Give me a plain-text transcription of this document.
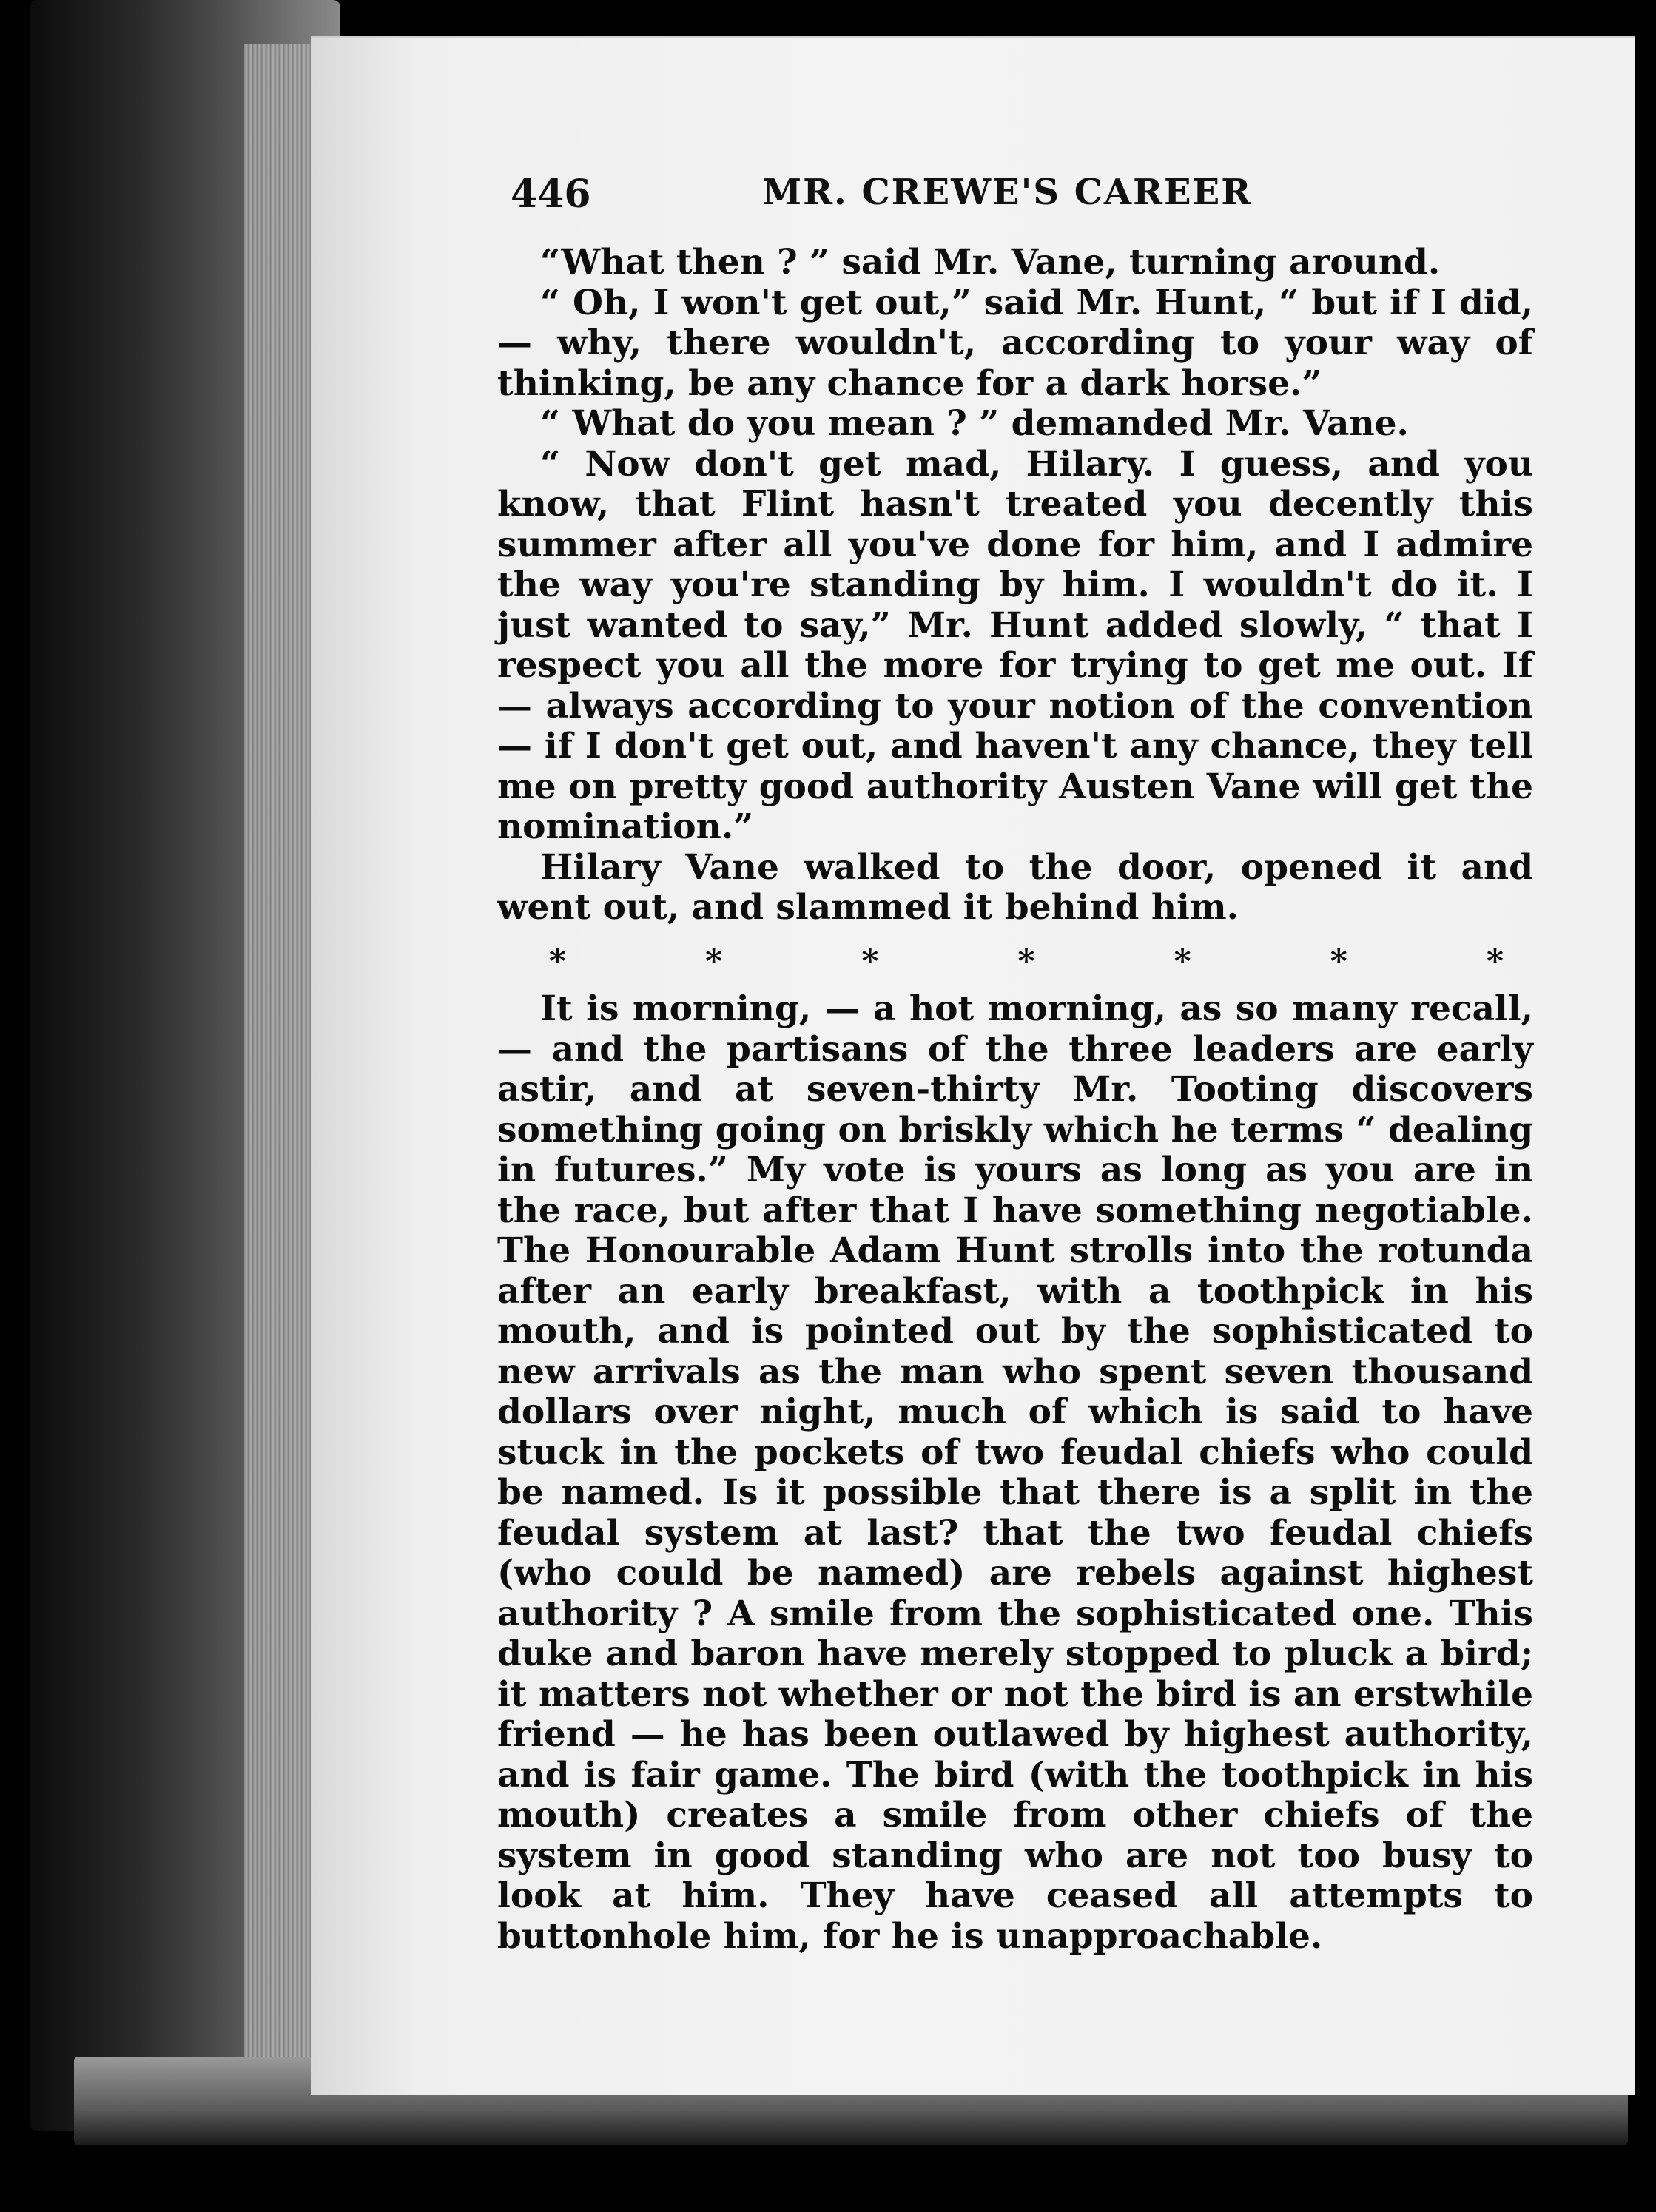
446	MR. CREWE'S CAREER

“What then ? ” said Mr. Vane, turning around.

“ Oh, I won't get out,” said Mr. Hunt, “ but if I did, — why, there wouldn't, according to your way of thinking, be any chance for a dark horse.”

“ What do you mean ? ” demanded Mr. Vane.

“ Now don't get mad, Hilary. I guess, and you know, that Flint hasn't treated you decently this summer after all you've done for him, and I admire the way you're standing by him. I wouldn't do it. I just wanted to say,” Mr. Hunt added slowly, “ that I respect you all the more for trying to get me out. If — always according to your notion of the convention — if I don't get out, and haven't any chance, they tell me on pretty good authority Austen Vane will get the nomination.”

Hilary Vane walked to the door, opened it and went out, and slammed it behind him.

*	*	*	*	*	*	*

It is morning, — a hot morning, as so many recall, — and the partisans of the three leaders are early astir, and at seven-thirty Mr. Tooting discovers something going on briskly which he terms “ dealing in futures.” My vote is yours as long as you are in the race, but after that I have something negotiable. The Honourable Adam Hunt strolls into the rotunda after an early breakfast, with a toothpick in his mouth, and is pointed out by the sophisticated to new arrivals as the man who spent seven thousand dollars over night, much of which is said to have stuck in the pockets of two feudal chiefs who could be named. Is it possible that there is a split in the feudal system at last? that the two feudal chiefs (who could be named) are rebels against highest authority ? A smile from the sophisticated one. This duke and baron have merely stopped to pluck a bird; it matters not whether or not the bird is an erstwhile friend — he has been outlawed by highest authority, and is fair game. The bird (with the toothpick in his mouth) creates a smile from other chiefs of the system in good standing who are not too busy to look at him. They have ceased all attempts to buttonhole him, for he is unapproachable.
